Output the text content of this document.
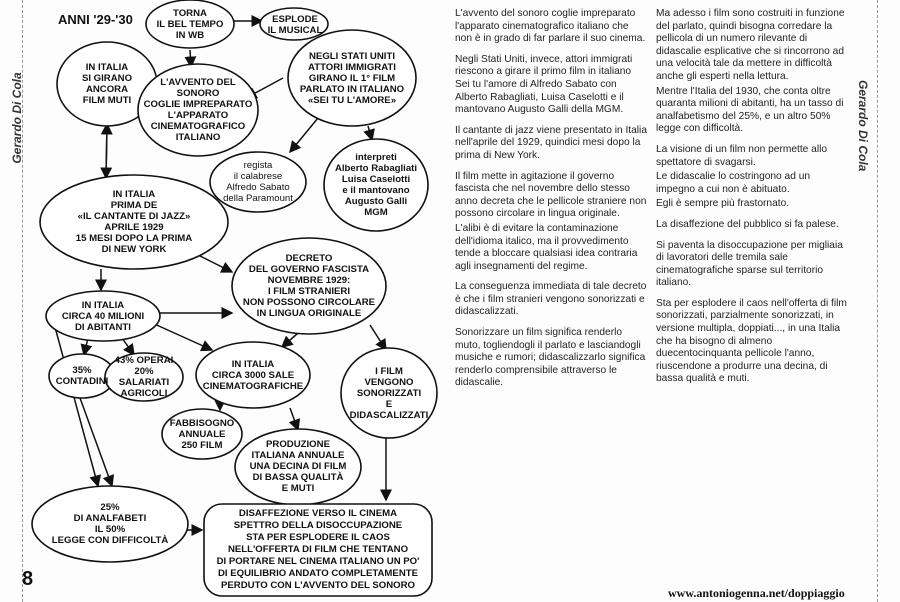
Gerardo Di Cola	Gerardo Di Cola
ANNI '29-'30	TORNA
IL BEL TEMPO
IN WB
ESPLODE
IL MUSICAL
NEGLI STATI UNITI
ATTORI IMMIGRATI
GIRANO IL 1° FILM
PARLATO IN ITALIANO
«SEI TU L'AMORE»
IN ITALIA
SI GIRANO
ANCORA
FILM MUTI
L'AVVENTO DEL
SONORO
COGLIE IMPREPARATO
L'APPARATO
CINEMATOGRAFICO
ITALIANO
regista
il calabrese
Alfredo Sabato
della Paramount
interpreti
Alberto Rabagliati
Luisa Caselotti
e il mantovano
Augusto Galli
MGM
IN ITALIA
PRIMA DE
«IL CANTANTE DI JAZZ»
APRILE 1929
15 MESI DOPO LA PRIMA
DI NEW YORK
DECRETO
DEL GOVERNO FASCISTA
NOVEMBRE 1929:
I FILM STRANIERI
NON POSSONO CIRCOLARE
IN LINGUA ORIGINALE
IN ITALIA
CIRCA 40 MILIONI
DI ABITANTI
35%
CONTADINI
43% OPERAI
20% SALARIATI
AGRICOLI
IN ITALIA
CIRCA 3000 SALE
CINEMATOGRAFICHE
I FILM
VENGONO
SONORIZZATI
E
DIDASCALIZZATI
FABBISOGNO
ANNUALE
250 FILM	PRODUZIONE
ITALIANA ANNUALE
UNA DECINA DI FILM
DI BASSA QUALITÀ
E MUTI
25%
DI ANALFABETI
IL 50%
LEGGE CON DIFFICOLTÀ
DISAFFEZIONE VERSO IL CINEMA
SPETTRO DELLA DISOCCUPAZIONE
STA PER ESPLODERE IL CAOS
NELL'OFFERTA DI FILM CHE TENTANO
DI PORTARE NEL CINEMA ITALIANO UN PO'
DI EQUILIBRIO ANDATO COMPLETAMENTE
PERDUTO CON L'AVVENTO DEL SONORO

L'avvento del sonoro coglie impreparato l'apparato cinematografico italiano che non è in grado di far parlare il suo cinema.

Negli Stati Uniti, invece, attori immigrati riescono a girare il primo film in italiano Sei tu l'amore di Alfredo Sabato con Alberto Rabagliati, Luisa Caselotti e il mantovano Augusto Galli della MGM.

Il cantante di jazz viene presentato in Italia nell'aprile del 1929, quindici mesi dopo la prima di New York.

Il film mette in agitazione il governo fascista che nel novembre dello stesso anno decreta che le pellicole straniere non possono circolare in lingua originale.

L'alibi è di evitare la contaminazione dell'idioma italico, ma il provvedimento tende a bloccare qualsiasi idea contraria agli insegnamenti del regime.

La conseguenza immediata di tale decreto è che i film stranieri vengono sonorizzati e didascalizzati.

Sonorizzare un film significa renderlo muto, togliendogli il parlato e lasciandogli musiche e rumori; didascalizzarlo significa renderlo comprensibile attraverso le didascalie.

Ma adesso i film sono costruiti in funzione del parlato, quindi bisogna corredare la pellicola di un numero rilevante di didascalie esplicative che si rincorrono ad una velocità tale da mettere in difficoltà anche gli esperti nella lettura.

Mentre l'Italia del 1930, che conta oltre quaranta milioni di abitanti, ha un tasso di analfabetismo del 25%, e un altro 50% legge con difficoltà.

La visione di un film non permette allo spettatore di svagarsi.

Le didascalie lo costringono ad un impegno a cui non è abituato.

Egli è sempre più frastornato.

La disaffezione del pubblico si fa palese.

Si paventa la disoccupazione per migliaia di lavoratori delle tremila sale cinematografiche sparse sul territorio italiano.

Sta per esplodere il caos nell'offerta di film sonorizzati, parzialmente sonorizzati, in versione multipla, doppiati..., in una Italia che ha bisogno di almeno duecentocinquanta pellicole l'anno, riuscendone a produrre una decina, di bassa qualità e muti.

8
www.antoniogenna.net/doppiaggio
